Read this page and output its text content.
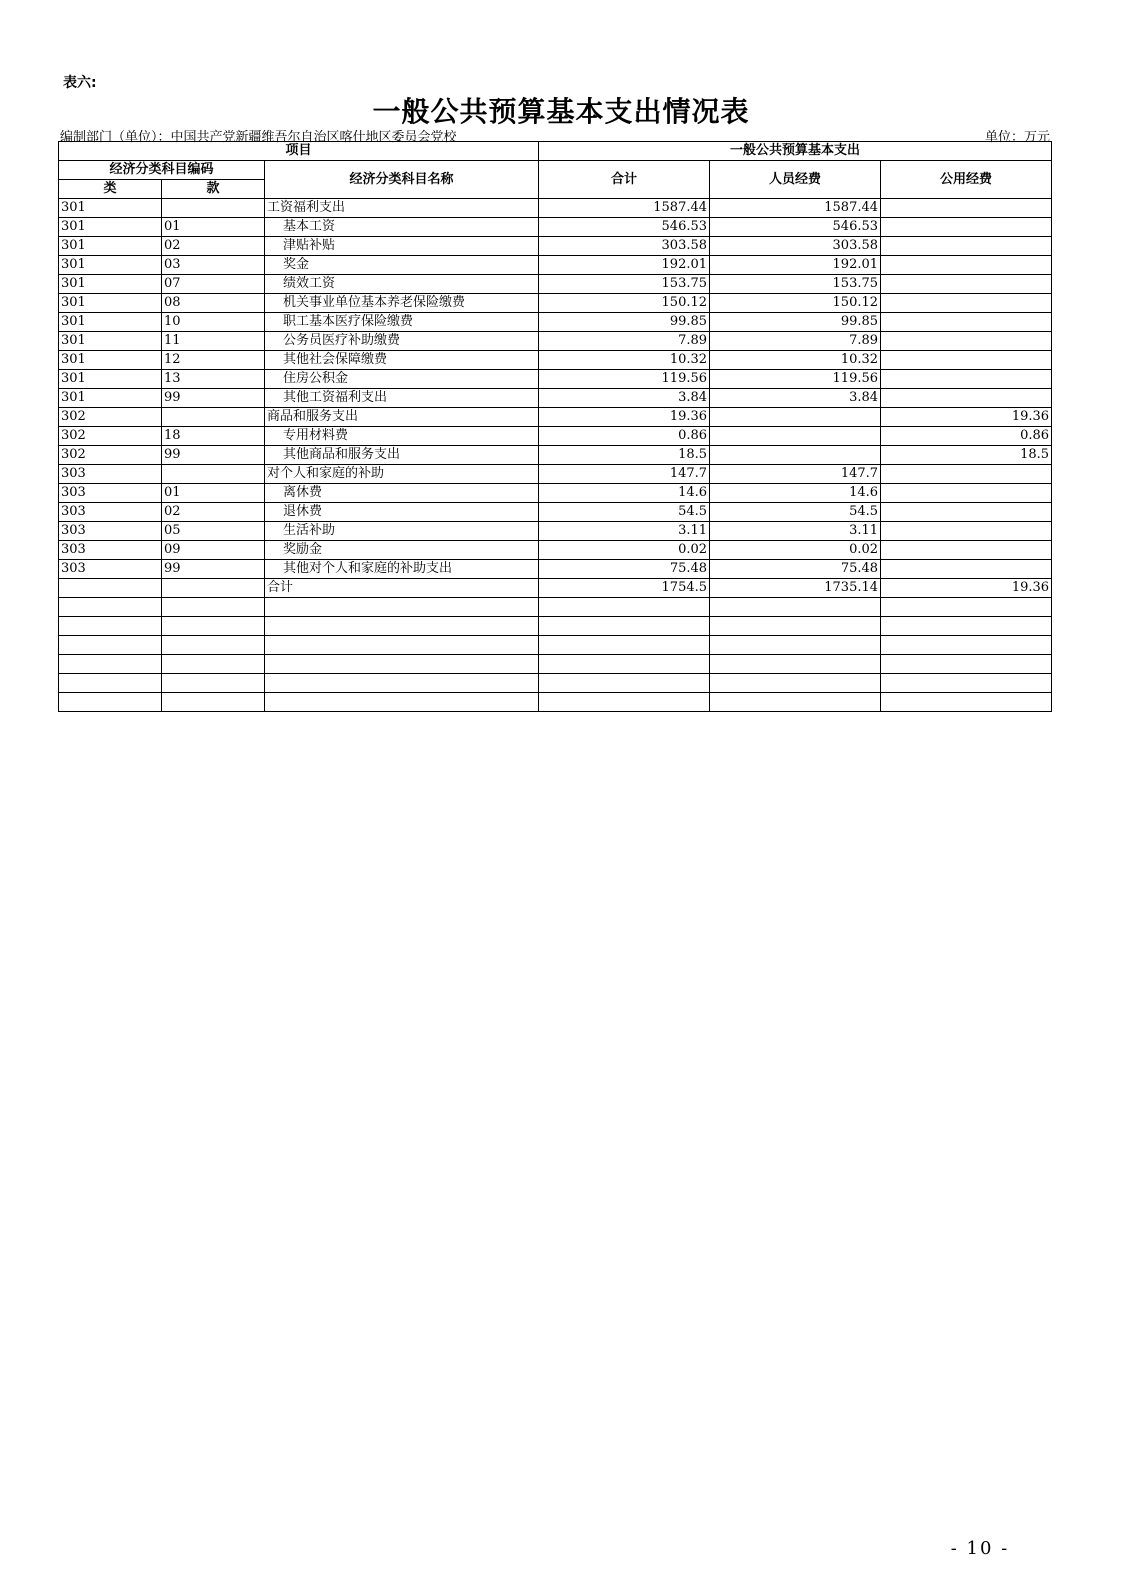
表六:
一般公共预算基本支出情况表
编制部门（单位）：中国共产党新疆维吾尔自治区喀什地区委员会党校	单位：万元
项目			一般公共预算基本支出		
经济分类科目编码		经济分类科目名称	合计	人员经费	公用经费
类	款				
301		工资福利支出	1587.44	1587.44	
301	01	基本工资	546.53	546.53	
301	02	津贴补贴	303.58	303.58	
301	03	奖金	192.01	192.01	
301	07	绩效工资	153.75	153.75	
301	08	机关事业单位基本养老保险缴费	150.12	150.12	
301	10	职工基本医疗保险缴费	99.85	99.85	
301	11	公务员医疗补助缴费	7.89	7.89	
301	12	其他社会保障缴费	10.32	10.32	
301	13	住房公积金	119.56	119.56	
301	99	其他工资福利支出	3.84	3.84	
302		商品和服务支出	19.36		19.36
302	18	专用材料费	0.86		0.86
302	99	其他商品和服务支出	18.5		18.5
303		对个人和家庭的补助	147.7	147.7	
303	01	离休费	14.6	14.6	
303	02	退休费	54.5	54.5	
303	05	生活补助	3.11	3.11	
303	09	奖励金	0.02	0.02	
303	99	其他对个人和家庭的补助支出	75.48	75.48	
		合计	1754.5	1735.14	19.36

- 10 -
